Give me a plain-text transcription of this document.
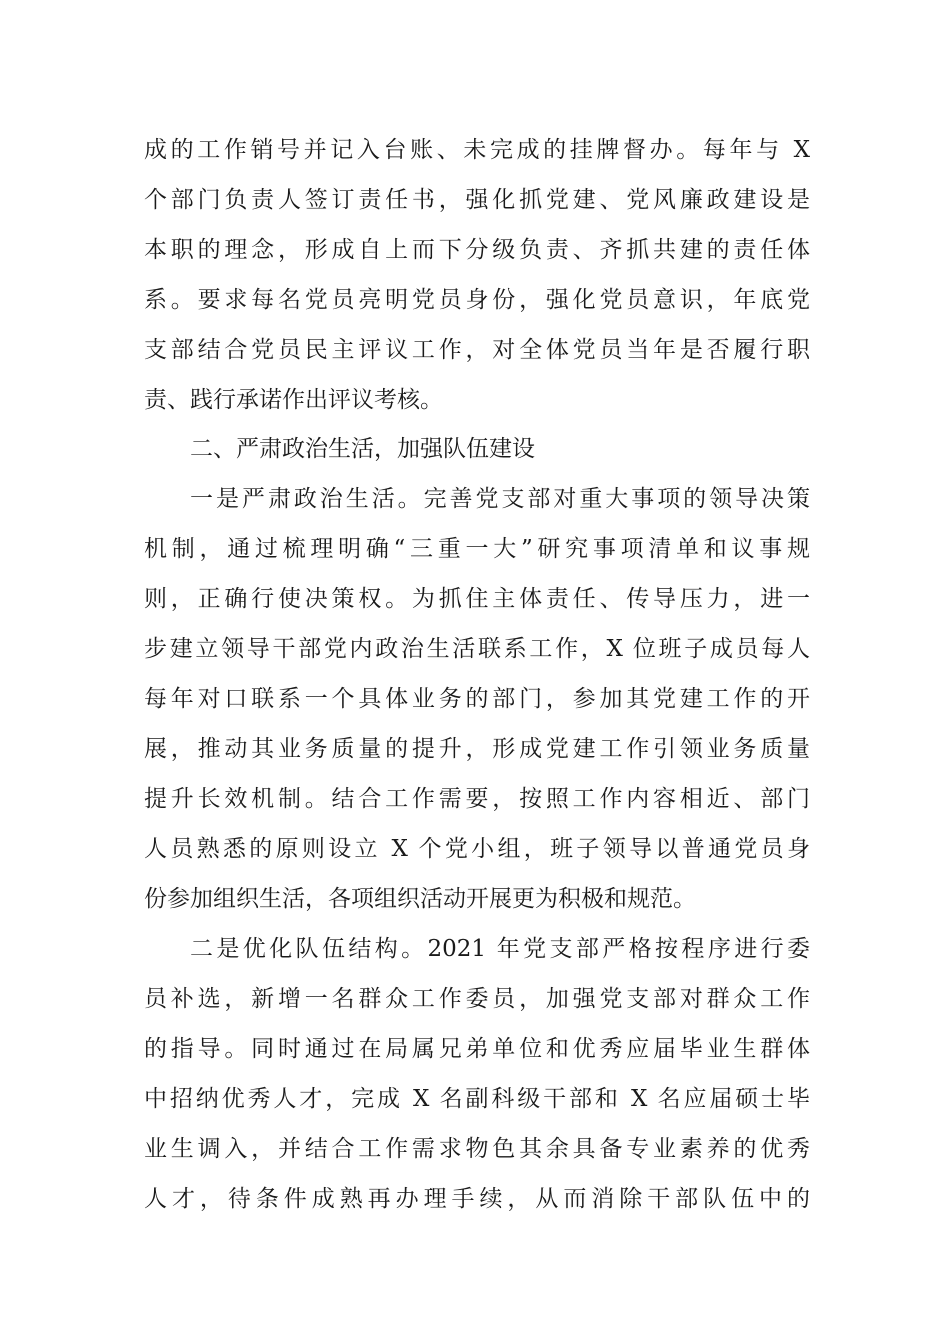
成的工作销号并记入台账、未完成的挂牌督办。每年与 X
个部门负责人签订责任书，强化抓党建、党风廉政建设是
本职的理念，形成自上而下分级负责、齐抓共建的责任体
系。要求每名党员亮明党员身份，强化党员意识，年底党
支部结合党员民主评议工作，对全体党员当年是否履行职
责、践行承诺作出评议考核。
二、严肃政治生活，加强队伍建设
一是严肃政治生活。完善党支部对重大事项的领导决策
机制，通过梳理明确“三重一大”研究事项清单和议事规
则，正确行使决策权。为抓住主体责任、传导压力，进一
步建立领导干部党内政治生活联系工作，X 位班子成员每人
每年对口联系一个具体业务的部门，参加其党建工作的开
展，推动其业务质量的提升，形成党建工作引领业务质量
提升长效机制。结合工作需要，按照工作内容相近、部门
人员熟悉的原则设立 X 个党小组，班子领导以普通党员身
份参加组织生活，各项组织活动开展更为积极和规范。
二是优化队伍结构。2021 年党支部严格按程序进行委
员补选，新增一名群众工作委员，加强党支部对群众工作
的指导。同时通过在局属兄弟单位和优秀应届毕业生群体
中招纳优秀人才，完成 X 名副科级干部和 X 名应届硕士毕
业生调入，并结合工作需求物色其余具备专业素养的优秀
人才，待条件成熟再办理手续，从而消除干部队伍中的
